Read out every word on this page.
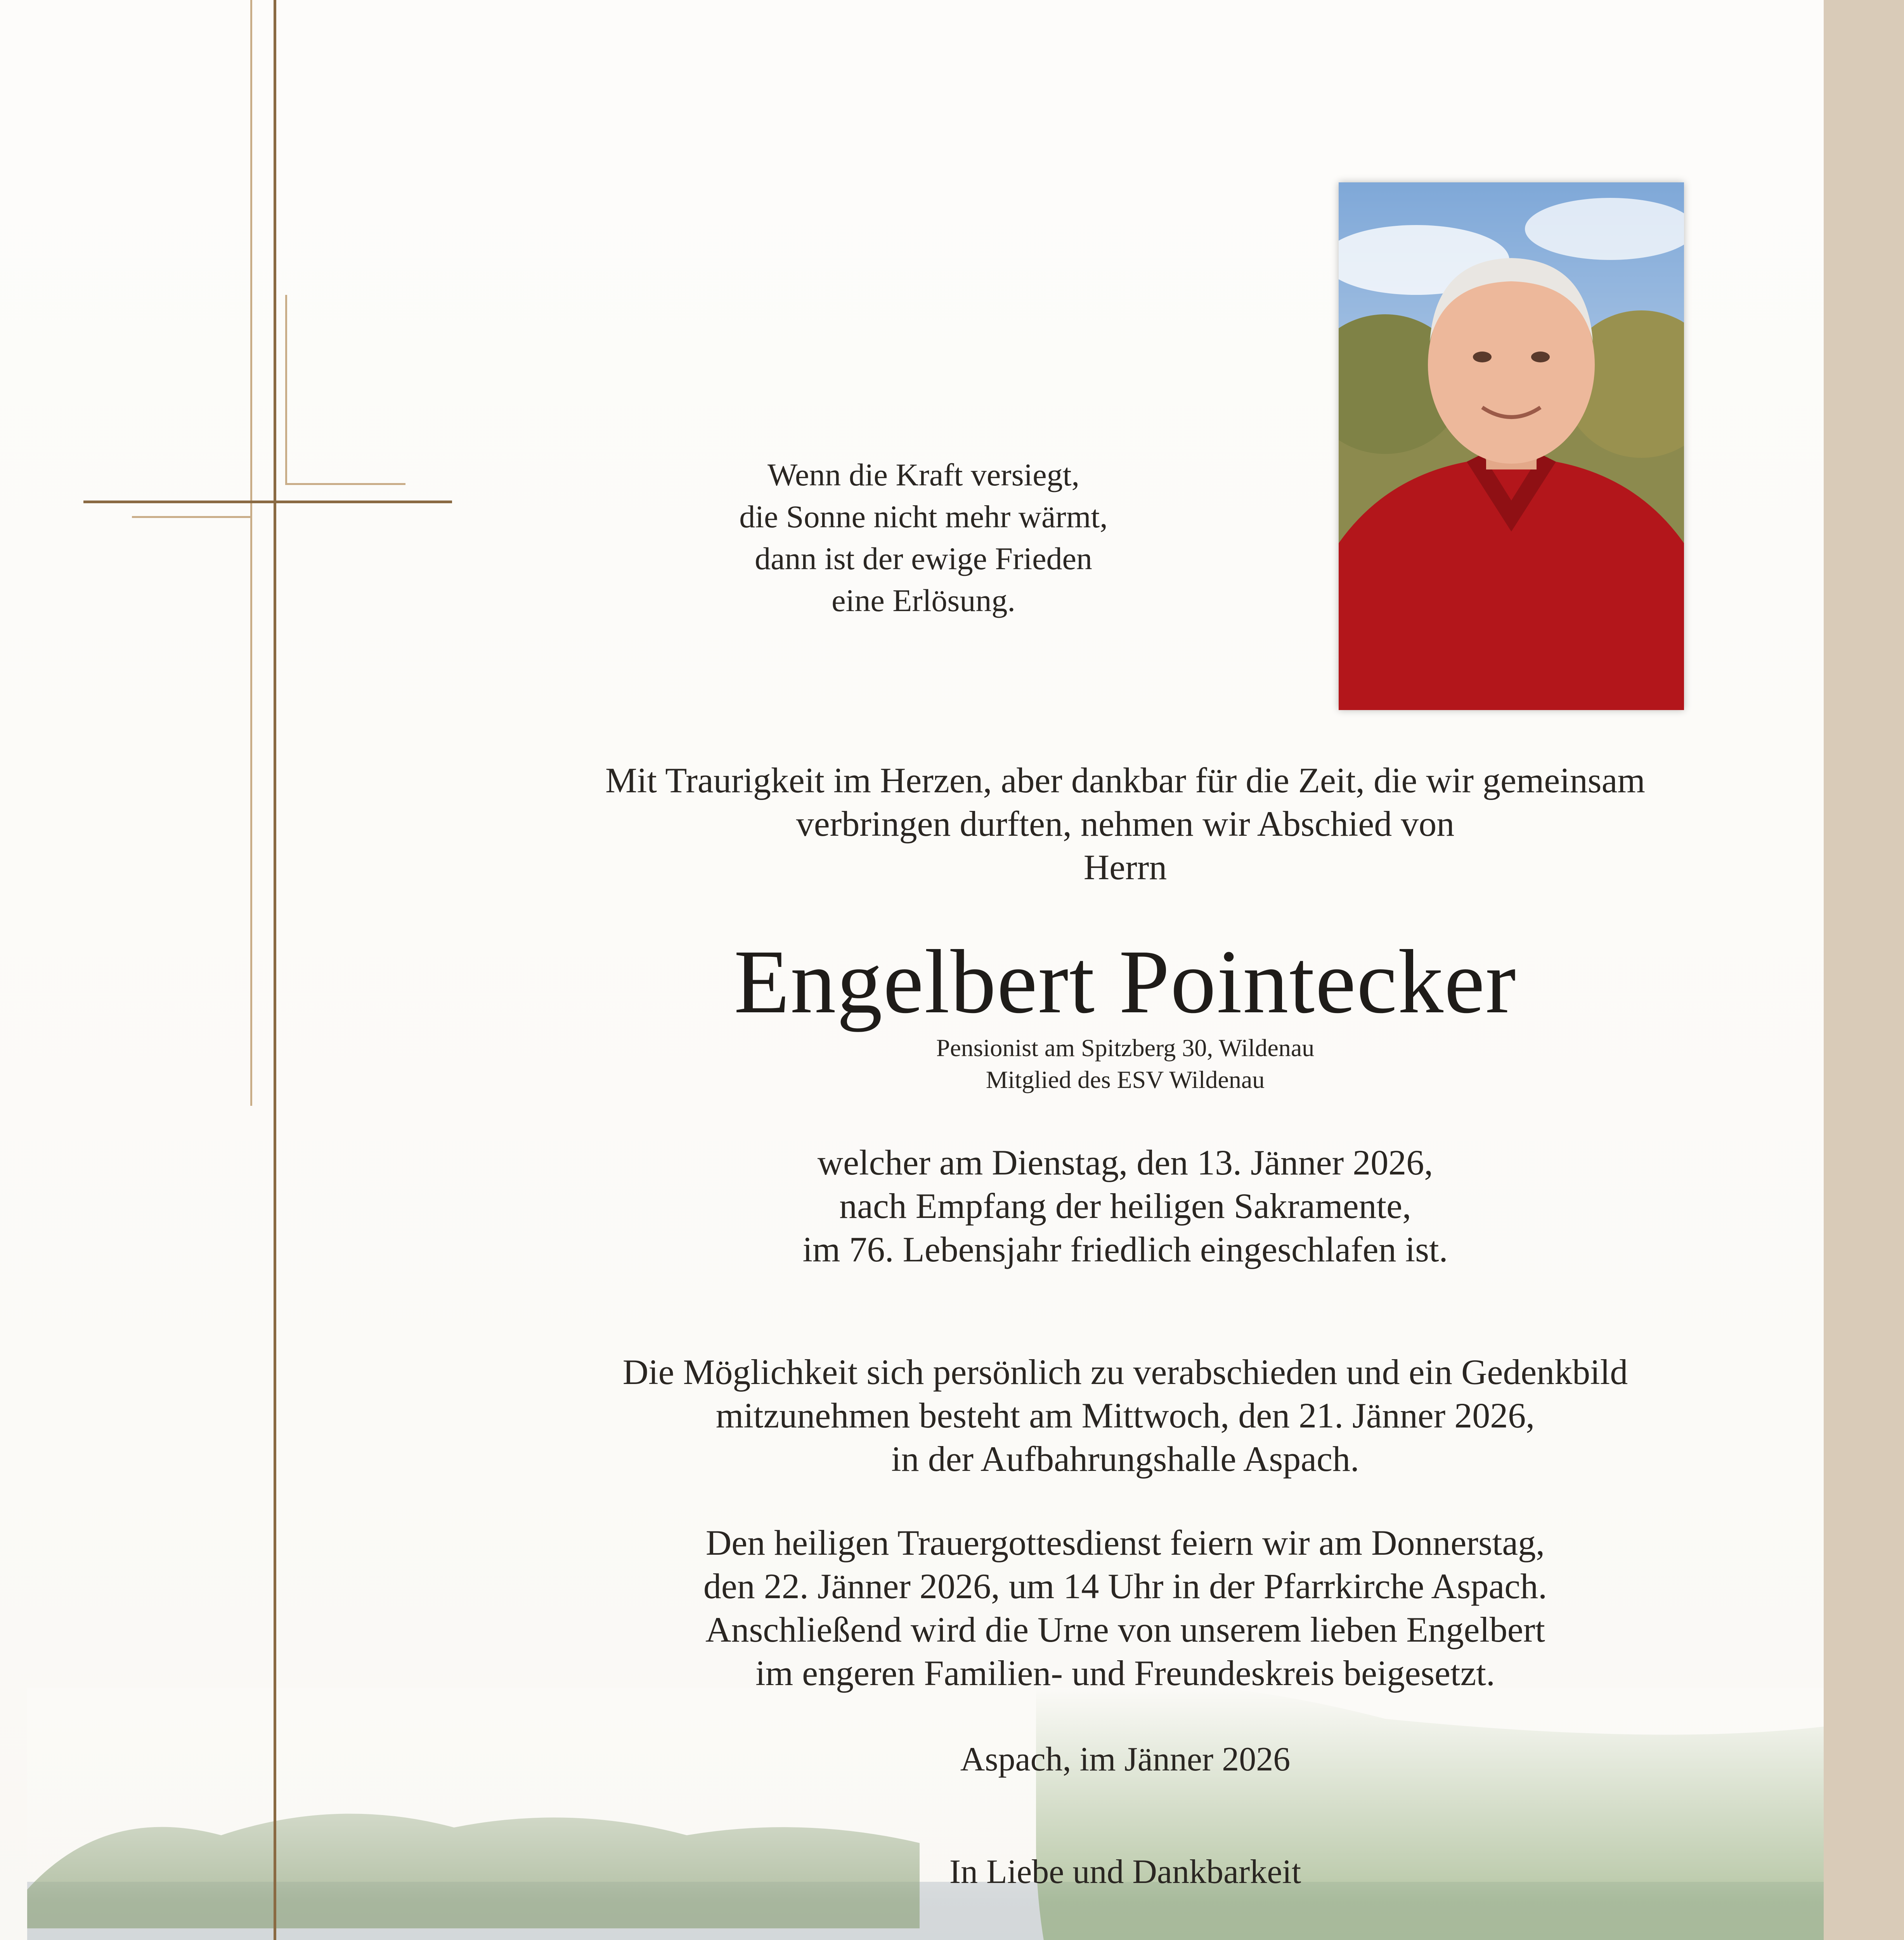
Wenn die Kraft versiegt,
die Sonne nicht mehr wärmt,
dann ist der ewige Frieden
eine Erlösung.
Mit Traurigkeit im Herzen, aber dankbar für die Zeit, die wir gemeinsam
verbringen durften, nehmen wir Abschied von
Herrn
Engelbert Pointecker
Pensionist am Spitzberg 30, Wildenau
Mitglied des ESV Wildenau
welcher am Dienstag, den 13. Jänner 2026,
nach Empfang der heiligen Sakramente,
im 76. Lebensjahr friedlich eingeschlafen ist.
Die Möglichkeit sich persönlich zu verabschieden und ein Gedenkbild
mitzunehmen besteht am Mittwoch, den 21. Jänner 2026,
in der Aufbahrungshalle Aspach.
Den heiligen Trauergottesdienst feiern wir am Donnerstag,
den 22. Jänner 2026, um 14 Uhr in der Pfarrkirche Aspach.
Anschließend wird die Urne von unserem lieben Engelbert
im engeren Familien- und Freundeskreis beigesetzt.
Aspach, im Jänner 2026
In Liebe und Dankbarkeit
